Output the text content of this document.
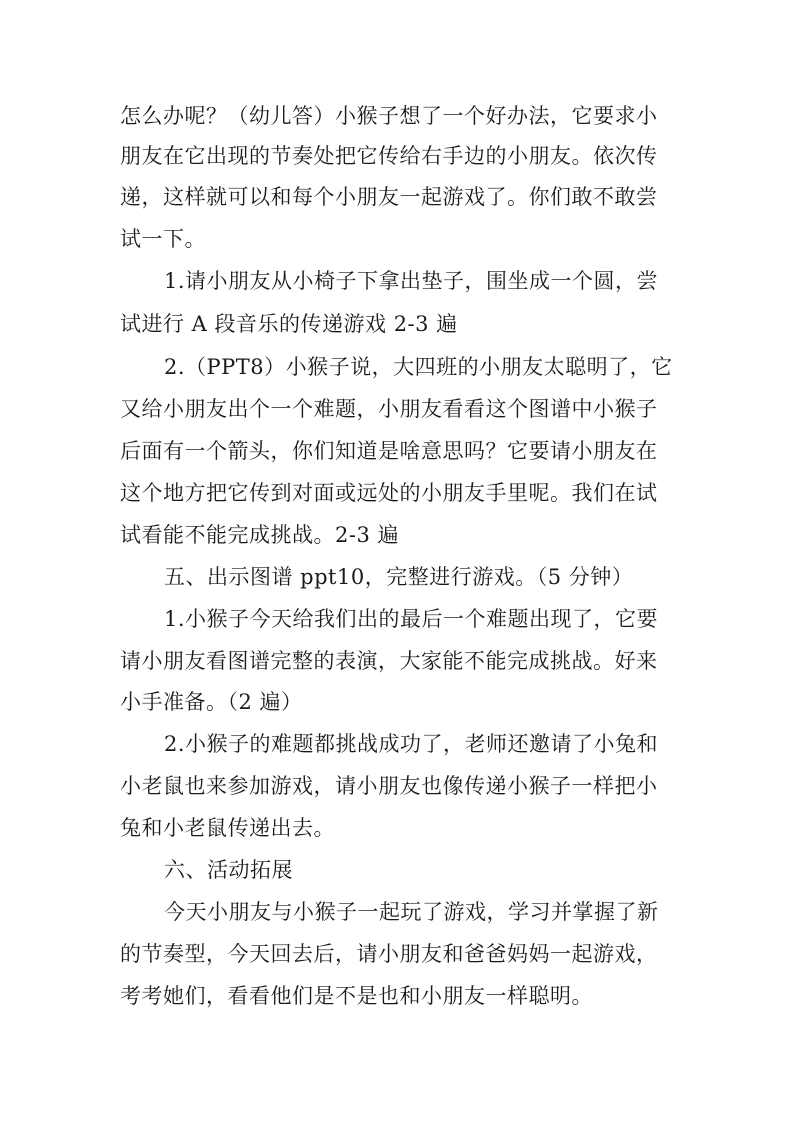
怎么办呢？（幼儿答）小猴子想了一个好办法，它要求小
朋友在它出现的节奏处把它传给右手边的小朋友。依次传
递，这样就可以和每个小朋友一起游戏了。你们敢不敢尝
试一下。
1.请小朋友从小椅子下拿出垫子，围坐成一个圆，尝
试进行 A 段音乐的传递游戏 2-3 遍
2.（PPT8）小猴子说，大四班的小朋友太聪明了，它
又给小朋友出个一个难题，小朋友看看这个图谱中小猴子
后面有一个箭头，你们知道是啥意思吗？它要请小朋友在
这个地方把它传到对面或远处的小朋友手里呢。我们在试
试看能不能完成挑战。2-3 遍
五、出示图谱 ppt10，完整进行游戏。（5 分钟）
1.小猴子今天给我们出的最后一个难题出现了，它要
请小朋友看图谱完整的表演，大家能不能完成挑战。好来
小手准备。（2 遍）
2.小猴子的难题都挑战成功了，老师还邀请了小兔和
小老鼠也来参加游戏，请小朋友也像传递小猴子一样把小
兔和小老鼠传递出去。
六、活动拓展
今天小朋友与小猴子一起玩了游戏，学习并掌握了新
的节奏型，今天回去后，请小朋友和爸爸妈妈一起游戏，
考考她们，看看他们是不是也和小朋友一样聪明。
